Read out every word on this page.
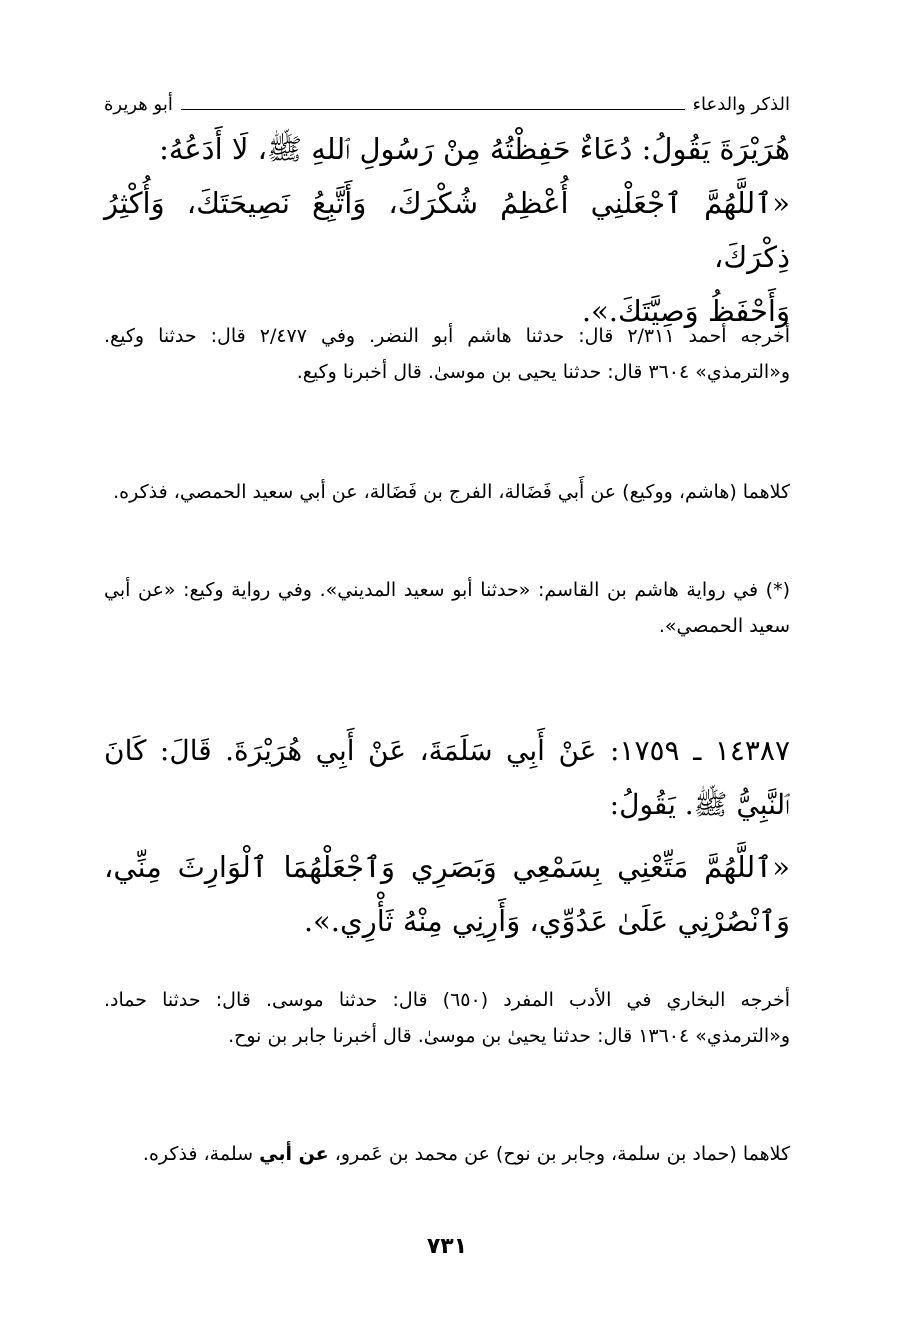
الذكر والدعاء
أبو هريرة

هُرَيْرَةَ يَقُولُ: دُعَاءٌ حَفِظْتُهُ مِنْ رَسُولِ ٱللهِ ﷺ، لَا أَدَعُهُ:

«ٱللَّهُمَّ ٱجْعَلْنِي أُعْظِمُ شُكْرَكَ، وَأَتَّبِعُ نَصِيحَتَكَ، وَأُكْثِرُ ذِكْرَكَ،

وَأَحْفَظُ وَصِيَّتَكَ.».

أخرجه أحمد ٢/٣١١ قال: حدثنا هاشم أبو النضر. وفي ٢/٤٧٧ قال: حدثنا وكيع. و«الترمذي» ٣٦٠٤ قال: حدثنا يحيى بن موسىٰ. قال أخبرنا وكيع.

كلاهما (هاشم، ووكيع) عن أَبي فَضَالة، الفرج بن فَضَالة، عن أبي سعيد الحمصي، فذكره.

(*) في رواية هاشم بن القاسم: «حدثنا أبو سعيد المديني». وفي رواية وكيع: «عن أبي سعيد الحمصي».

١٤٣٨٧ ـ ١٧٥٩: عَنْ أَبِي سَلَمَةَ، عَنْ أَبِي هُرَيْرَةَ. قَالَ: كَانَ ٱلنَّبِيُّ ﷺ. يَقُولُ:

«ٱللَّهُمَّ مَتِّعْنِي بِسَمْعِي وَبَصَرِي وَٱجْعَلْهُمَا ٱلْوَارِثَ مِنِّي، وَٱنْصُرْنِي عَلَىٰ عَدُوِّي، وَأَرِنِي مِنْهُ ثَأْرِي.».

أخرجه البخاري في الأدب المفرد (٦٥٠) قال: حدثنا موسى. قال: حدثنا حماد. و«الترمذي» ١٣٦٠٤ قال: حدثنا يحيىٰ بن موسىٰ. قال أخبرنا جابر بن نوح.

كلاهما (حماد بن سلمة، وجابر بن نوح) عن محمد بن عَمرو، عن أبي سلمة، فذكره.

٧٣١
